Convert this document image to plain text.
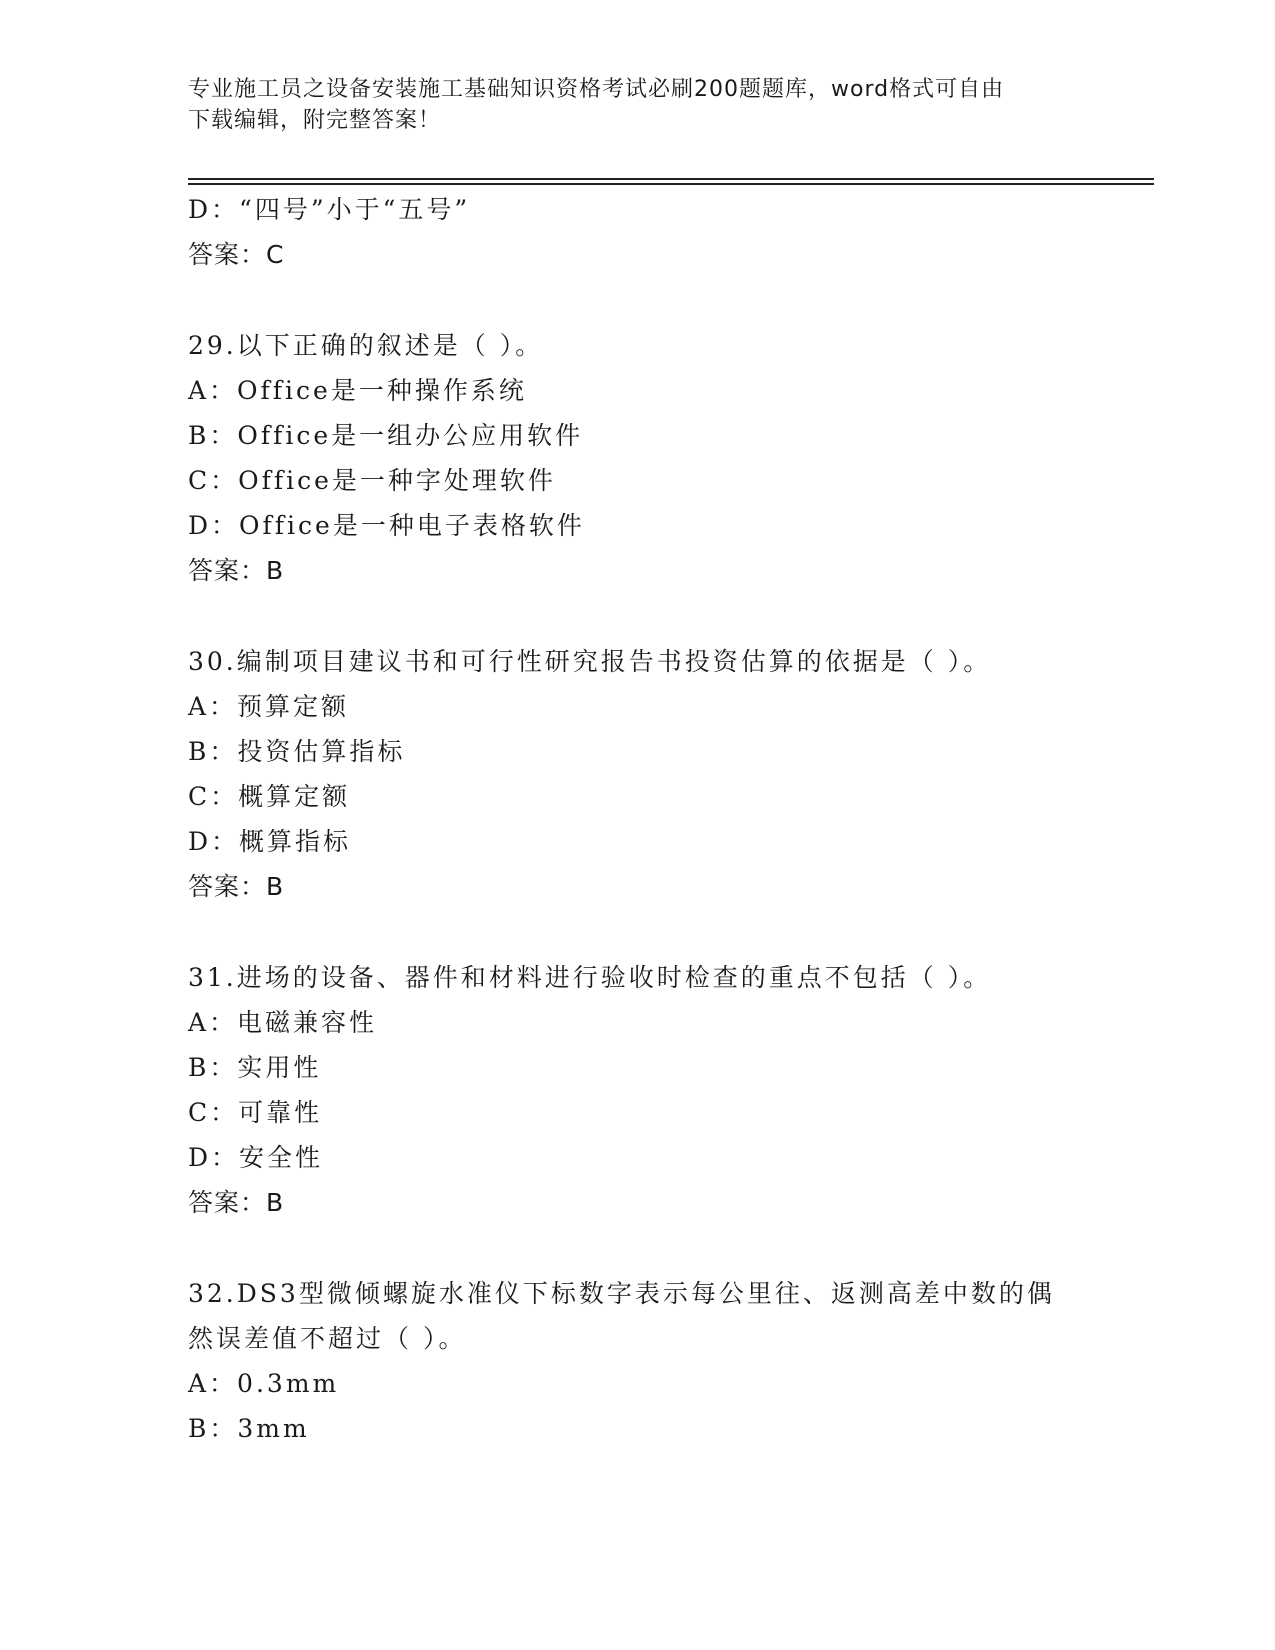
专业施工员之设备安装施工基础知识资格考试必刷200题题库，word格式可自由
下载编辑，附完整答案！
D：“四号”小于“五号”
答案：C
29.以下正确的叙述是（ ）。
A：Office是一种操作系统
B：Office是一组办公应用软件
C：Office是一种字处理软件
D：Office是一种电子表格软件
答案：B
30.编制项目建议书和可行性研究报告书投资估算的依据是（ ）。
A：预算定额
B：投资估算指标
C：概算定额
D：概算指标
答案：B
31.进场的设备、器件和材料进行验收时检查的重点不包括（ ）。
A：电磁兼容性
B：实用性
C：可靠性
D：安全性
答案：B
32.DS3型微倾螺旋水准仪下标数字表示每公里往、返测高差中数的偶
然误差值不超过（ ）。
A：0.3mm
B：3mm
